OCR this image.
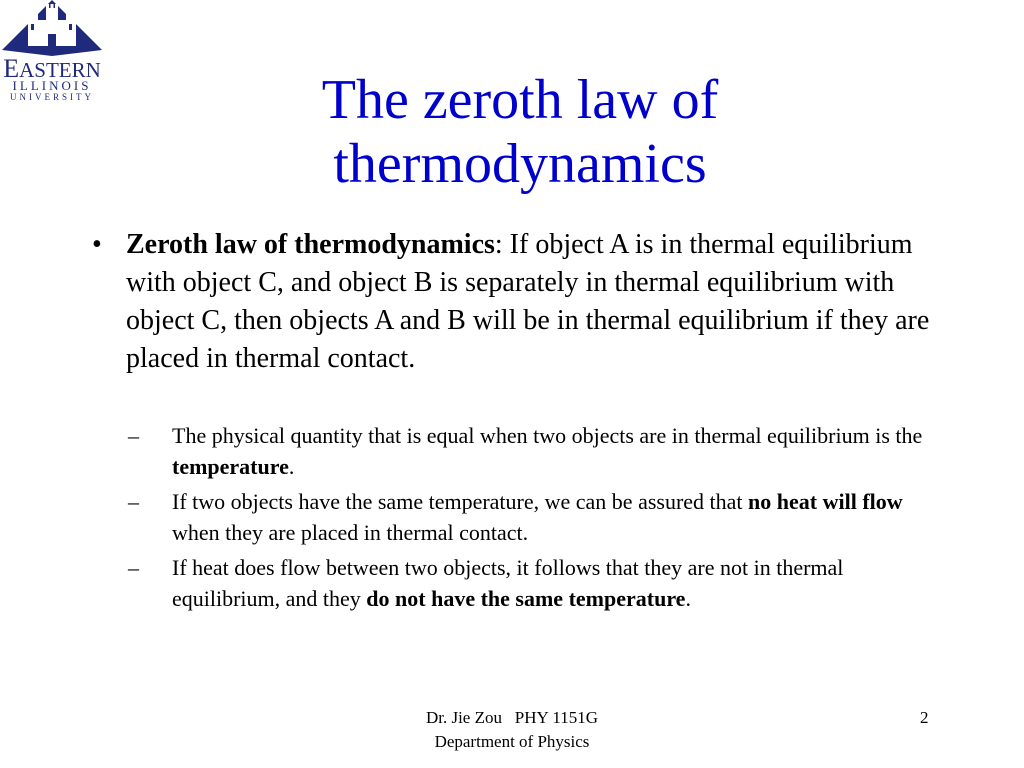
EASTERN
ILLINOIS
UNIVERSITY	The zeroth law of
thermodynamics
• Zeroth law of thermodynamics: If object A is in thermal equilibrium with object C, and object B is separately in thermal equilibrium with object C, then objects A and B will be in thermal equilibrium if they are placed in thermal contact.
– The physical quantity that is equal when two objects are in thermal equilibrium is the temperature.
– If two objects have the same temperature, we can be assured that no heat will flow when they are placed in thermal contact.
– If heat does flow between two objects, it follows that they are not in thermal equilibrium, and they do not have the same temperature.
Dr. Jie Zou   PHY 1151G
Department of Physics
2
